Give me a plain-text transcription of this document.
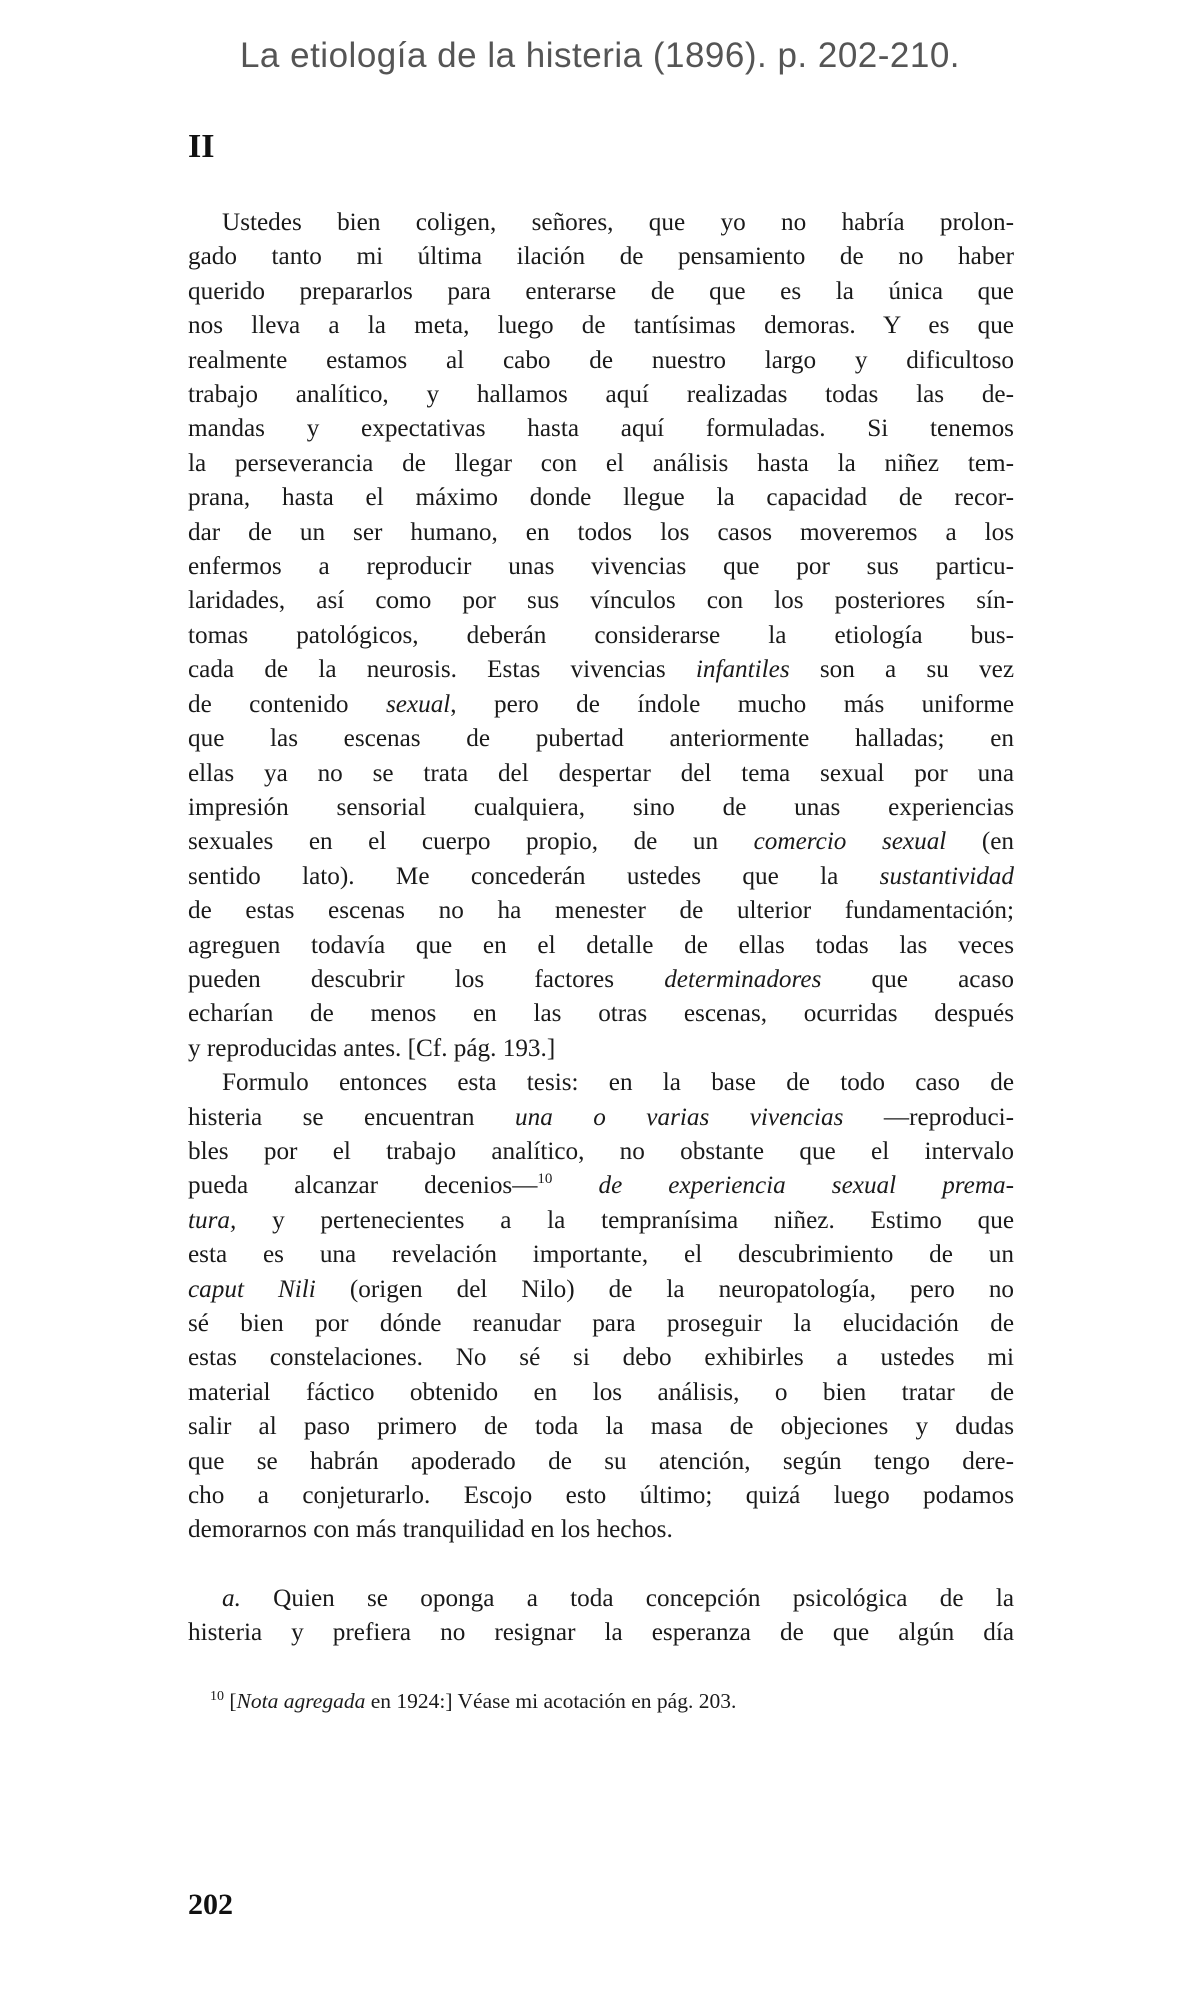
La etiología de la histeria (1896). p. 202-210.
II

Ustedes bien coligen, señores, que yo no habría prolon-
gado tanto mi última ilación de pensamiento de no haber
querido prepararlos para enterarse de que es la única que
nos lleva a la meta, luego de tantísimas demoras. Y es que
realmente estamos al cabo de nuestro largo y dificultoso
trabajo analítico, y hallamos aquí realizadas todas las de-
mandas y expectativas hasta aquí formuladas. Si tenemos
la perseverancia de llegar con el análisis hasta la niñez tem-
prana, hasta el máximo donde llegue la capacidad de recor-
dar de un ser humano, en todos los casos moveremos a los
enfermos a reproducir unas vivencias que por sus particu-
laridades, así como por sus vínculos con los posteriores sín-
tomas patológicos, deberán considerarse la etiología bus-
cada de la neurosis. Estas vivencias infantiles son a su vez
de contenido sexual, pero de índole mucho más uniforme
que las escenas de pubertad anteriormente halladas; en
ellas ya no se trata del despertar del tema sexual por una
impresión sensorial cualquiera, sino de unas experiencias
sexuales en el cuerpo propio, de un comercio sexual (en
sentido lato). Me concederán ustedes que la sustantividad
de estas escenas no ha menester de ulterior fundamentación;
agreguen todavía que en el detalle de ellas todas las veces
pueden descubrir los factores determinadores que acaso
echarían de menos en las otras escenas, ocurridas después
y reproducidas antes. [Cf. pág. 193.]

Formulo entonces esta tesis: en la base de todo caso de
histeria se encuentran una o varias vivencias —reproduci-
bles por el trabajo analítico, no obstante que el intervalo
pueda alcanzar decenios—$^{10}$ de experiencia sexual prema-
tura, y pertenecientes a la tempranísima niñez. Estimo que
esta es una revelación importante, el descubrimiento de un
caput Nili (origen del Nilo) de la neuropatología, pero no
sé bien por dónde reanudar para proseguir la elucidación de
estas constelaciones. No sé si debo exhibirles a ustedes mi
material fáctico obtenido en los análisis, o bien tratar de
salir al paso primero de toda la masa de objeciones y dudas
que se habrán apoderado de su atención, según tengo dere-
cho a conjeturarlo. Escojo esto último; quizá luego podamos
demorarnos con más tranquilidad en los hechos.

a. Quien se oponga a toda concepción psicológica de la
histeria y prefiera no resignar la esperanza de que algún día

$^{10}$ [Nota agregada en 1924:] Véase mi acotación en pág. 203.
202
